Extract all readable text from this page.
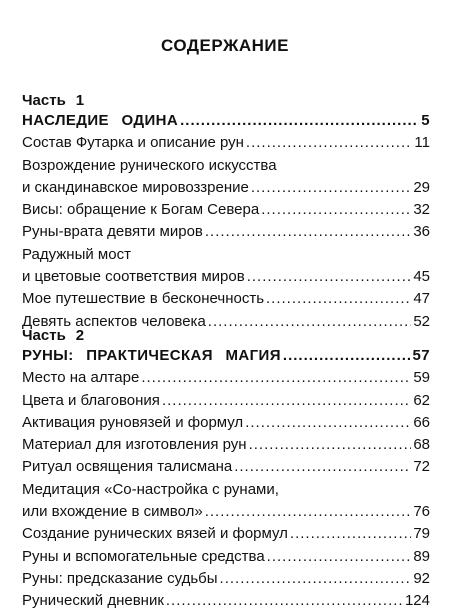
СОДЕРЖАНИЕ
Часть 1
НАСЛЕДИЕ ОДИНА .....	5
Состав Футарка и описание рун .....	11
Возрождение рунического искусства
и скандинавское мировоззрение .....	29
Висы: обращение к Богам Севера .....	32
Руны-врата девяти миров .....	36
Радужный мост
и цветовые соответствия миров .....	45
Мое путешествие в бесконечность .....	47
Девять аспектов человека .....	52
Часть 2
РУНЫ: ПРАКТИЧЕСКАЯ МАГИЯ .....	57
Место на алтаре .....	59
Цвета и благовония .....	62
Активация руновязей и формул .....	66
Материал для изготовления рун .....	68
Ритуал освящения талисмана .....	72
Медитация «Со-настройка с рунами,
или вхождение в символ» .....	76
Создание рунических вязей и формул .....	79
Руны и вспомогательные средства .....	89
Руны: предсказание судьбы .....	92
Рунический дневник .....	124
